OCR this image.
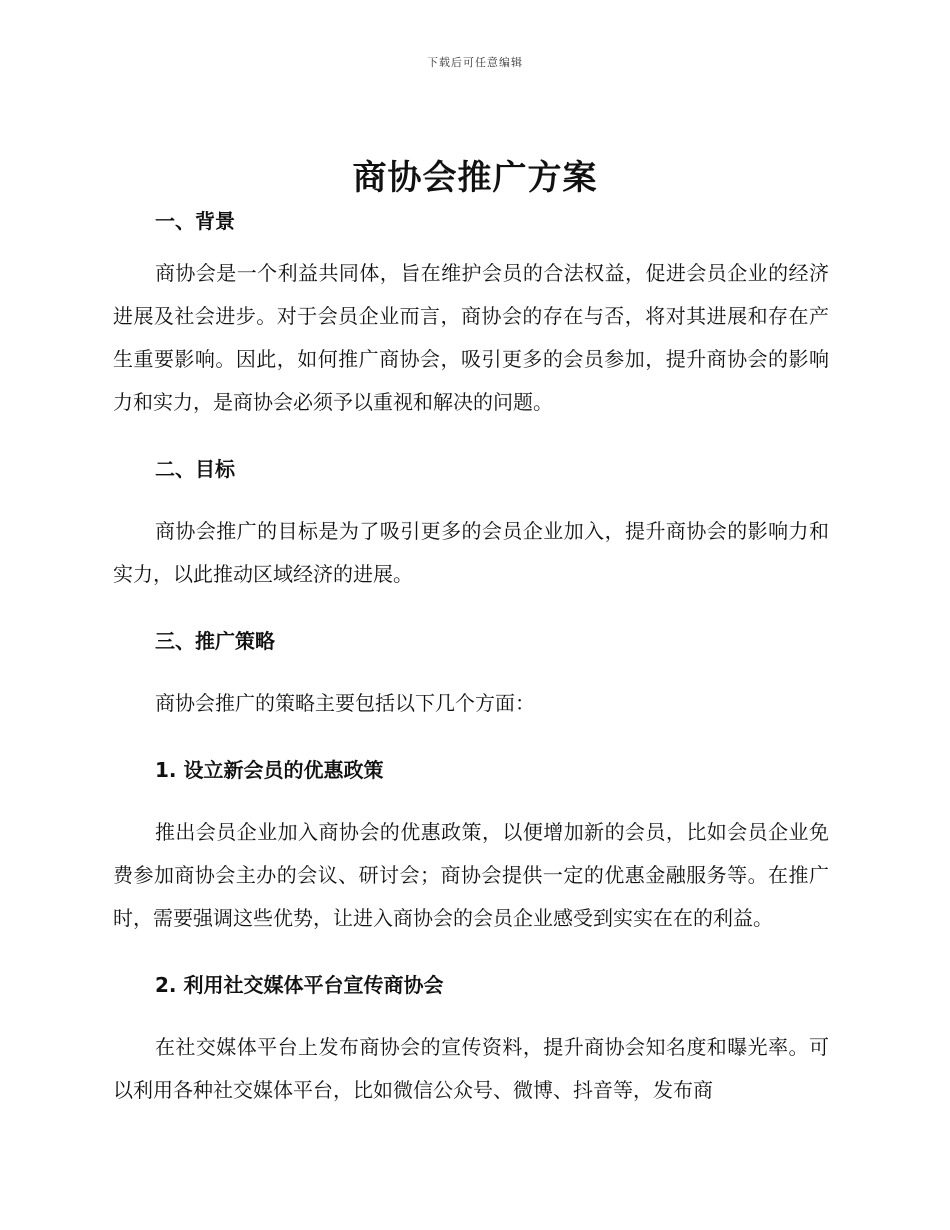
下载后可任意编辑
商协会推广方案
一、背景

商协会是一个利益共同体，旨在维护会员的合法权益，促进会员企业的经济进展及社会进步。对于会员企业而言，商协会的存在与否，将对其进展和存在产生重要影响。因此，如何推广商协会，吸引更多的会员参加，提升商协会的影响力和实力，是商协会必须予以重视和解决的问题。

二、目标

商协会推广的目标是为了吸引更多的会员企业加入，提升商协会的影响力和实力，以此推动区域经济的进展。

三、推广策略

商协会推广的策略主要包括以下几个方面：

1. 设立新会员的优惠政策

推出会员企业加入商协会的优惠政策，以便增加新的会员，比如会员企业免费参加商协会主办的会议、研讨会；商协会提供一定的优惠金融服务等。在推广时，需要强调这些优势，让进入商协会的会员企业感受到实实在在的利益。

2. 利用社交媒体平台宣传商协会

在社交媒体平台上发布商协会的宣传资料，提升商协会知名度和曝光率。可以利用各种社交媒体平台，比如微信公众号、微博、抖音等，发布商
